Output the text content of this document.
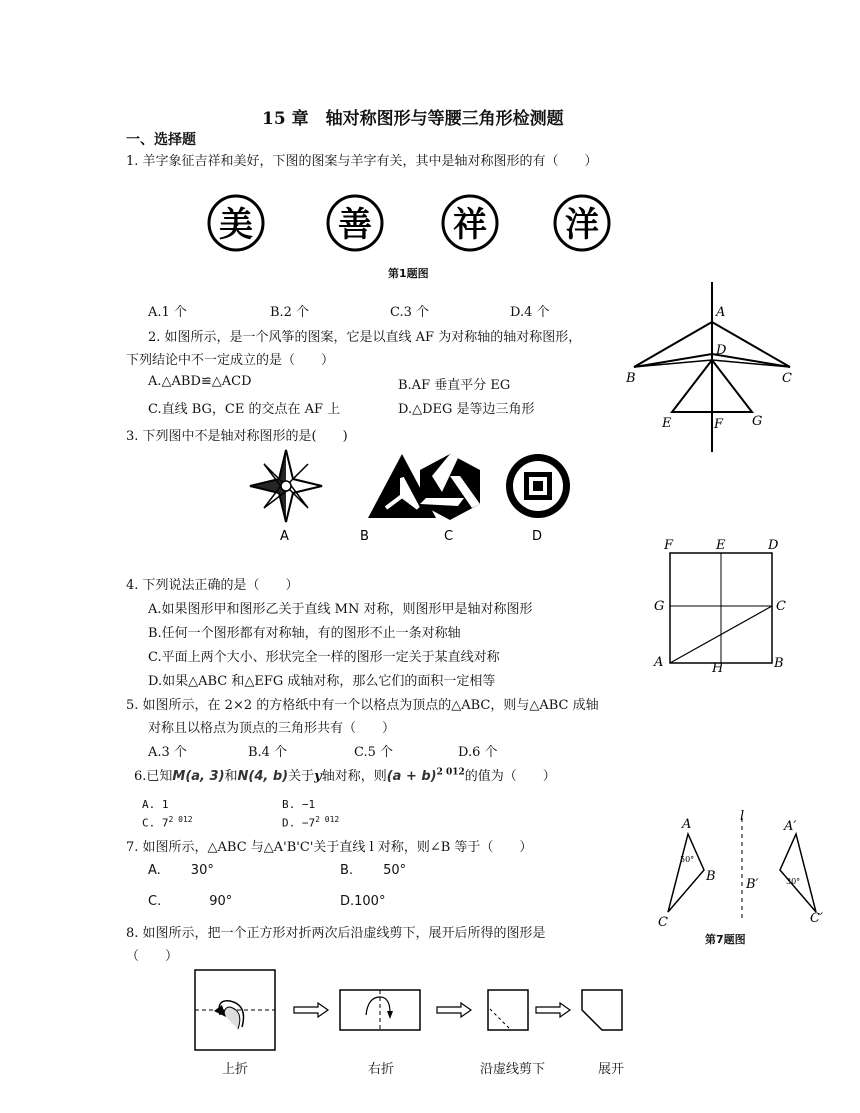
15 章　轴对称图形与等腰三角形检测题
一、选择题
1. 羊字象征吉祥和美好，下图的图案与羊字有关，其中是轴对称图形的有（　　）
美	善 祥 洋
第1题图
A.1 个	B.2 个	C.3 个	D.4 个
2. 如图所示，是一个风筝的图案，它是以直线 AF 为对称轴的轴对称图形，
下列结论中不一定成立的是（　　）
A.△ABD≌△ACD	B.AF 垂直平分 EG
C.直线 BG，CE 的交点在 AF 上	D.△DEG 是等边三角形
A
D
B	C
E	F G
3. 下列图中不是轴对称图形的是(　　)
A	B	C	D
F	E	D
G	C
A	H	B
4. 下列说法正确的是（　　）
A.如果图形甲和图形乙关于直线 MN 对称，则图形甲是轴对称图形
B.任何一个图形都有对称轴，有的图形不止一条对称轴
C.平面上两个大小、形状完全一样的图形一定关于某直线对称
D.如果△ABC 和△EFG 成轴对称，那么它们的面积一定相等
5. 如图所示，在 2×2 的方格纸中有一个以格点为顶点的△ABC，则与△ABC 成轴
对称且以格点为顶点的三角形共有（　　）
A.3 个	B.4 个	C.5 个	D.6 个
6.已知M(a, 3)和N(4, b)关于y轴对称，则$(a + b)^{2 012}$的值为（　　）
A. 1	B. −1
C. $7^{2 012}$	D. $-7^{2 012}$
7. 如图所示，△ABC 与△A'B'C'关于直线 l 对称，则∠B 等于（　　）
A. 30°	B. 50°
C.	90°	D.100°
A
l
A′
50°
B
B′	30°
C	C′
第7题图
8. 如图所示，把一个正方形对折两次后沿虚线剪下，展开后所得的图形是
（　　）
上折	右折	沿虚线剪下	展开
